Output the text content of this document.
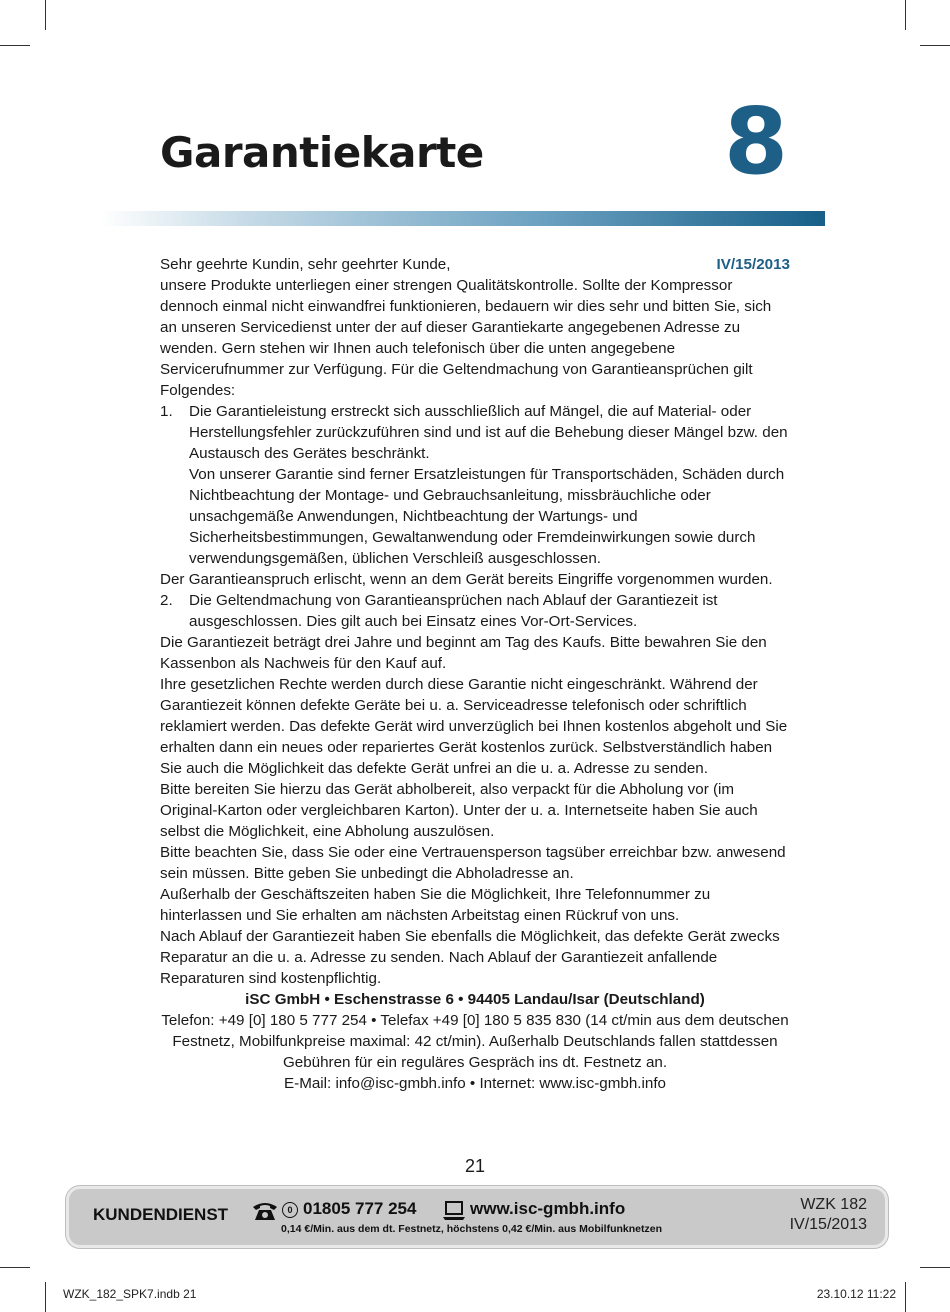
Garantiekarte	8
Sehr geehrte Kundin, sehr geehrter Kunde,	IV/15/2013

unsere Produkte unterliegen einer strengen Qualitätskontrolle. Sollte der Kompressor dennoch einmal nicht einwandfrei funktionieren, bedauern wir dies sehr und bitten Sie, sich an unseren Servicedienst unter der auf dieser Garantiekarte angegebenen Adresse zu wenden. Gern stehen wir Ihnen auch telefonisch über die unten angegebene Servicerufnummer zur Verfügung. Für die Geltendmachung von Garantieansprüchen gilt Folgendes:

1.	Die Garantieleistung erstreckt sich ausschließlich auf Mängel, die auf Material- oder Herstellungsfehler zurückzuführen sind und ist auf die Behebung dieser Mängel bzw. den Austausch des Gerätes beschränkt.

Von unserer Garantie sind ferner Ersatzleistungen für Transportschäden, Schäden durch Nichtbeachtung der Montage- und Gebrauchsanleitung, missbräuchliche oder unsachgemäße Anwendungen, Nichtbeachtung der Wartungs- und Sicherheitsbestimmungen, Gewaltanwendung oder Fremdeinwirkungen sowie durch verwendungsgemäßen, üblichen Verschleiß ausgeschlossen.

Der Garantieanspruch erlischt, wenn an dem Gerät bereits Eingriffe vorgenommen wurden.

2.	Die Geltendmachung von Garantieansprüchen nach Ablauf der Garantiezeit ist ausgeschlossen. Dies gilt auch bei Einsatz eines Vor-Ort-Services.

Die Garantiezeit beträgt drei Jahre und beginnt am Tag des Kaufs. Bitte bewahren Sie den Kassenbon als Nachweis für den Kauf auf.

Ihre gesetzlichen Rechte werden durch diese Garantie nicht eingeschränkt. Während der Garantiezeit können defekte Geräte bei u. a. Serviceadresse telefonisch oder schriftlich reklamiert werden. Das defekte Gerät wird unverzüglich bei Ihnen kostenlos abgeholt und Sie erhalten dann ein neues oder repariertes Gerät kostenlos zurück. Selbstverständlich haben Sie auch die Möglichkeit das defekte Gerät unfrei an die u. a. Adresse zu senden.

Bitte bereiten Sie hierzu das Gerät abholbereit, also verpackt für die Abholung vor (im Original-Karton oder vergleichbaren Karton). Unter der u. a. Internetseite haben Sie auch selbst die Möglichkeit, eine Abholung auszulösen.

Bitte beachten Sie, dass Sie oder eine Vertrauensperson tagsüber erreichbar bzw. anwesend sein müssen. Bitte geben Sie unbedingt die Abholadresse an.

Außerhalb der Geschäftszeiten haben Sie die Möglichkeit, Ihre Telefonnummer zu hinterlassen und Sie erhalten am nächsten Arbeitstag einen Rückruf von uns.

Nach Ablauf der Garantiezeit haben Sie ebenfalls die Möglichkeit, das defekte Gerät zwecks Reparatur an die u. a. Adresse zu senden. Nach Ablauf der Garantiezeit anfallende Reparaturen sind kostenpflichtig.

iSC GmbH • Eschenstrasse 6 • 94405 Landau/Isar (Deutschland)

Telefon: +49 [0] 180 5 777 254 • Telefax +49 [0] 180 5 835 830 (14 ct/min aus dem deutschen Festnetz, Mobilfunkpreise maximal: 42 ct/min). Außerhalb Deutschlands fallen stattdessen Gebühren für ein reguläres Gespräch ins dt. Festnetz an.

E-Mail: info@isc-gmbh.info • Internet: www.isc-gmbh.info

21
KUNDENDIENST	0 01805 777 254	www.isc-gmbh.info
0,14 €/Min. aus dem dt. Festnetz, höchstens 0,42 €/Min. aus Mobilfunknetzen
WZK 182
IV/15/2013
WZK_182_SPK7.indb 21	23.10.12 11:22
